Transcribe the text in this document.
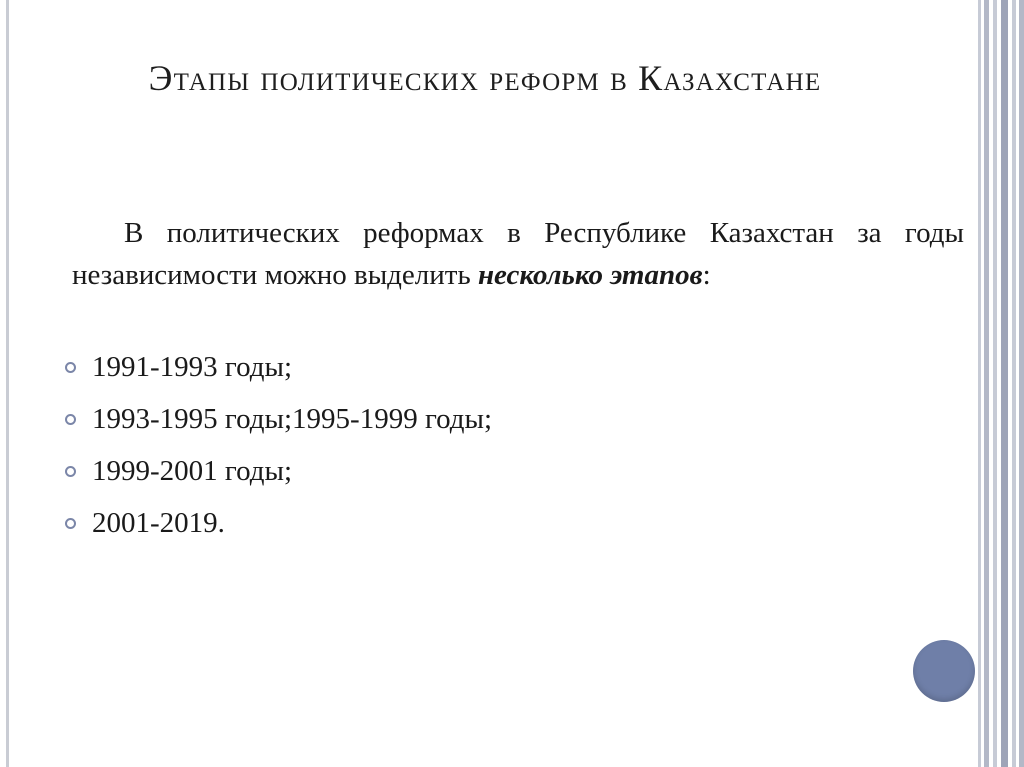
Этапы политических реформ в Казахстане

В политических реформах в Республике Казахстан за годы независимости можно выделить несколько этапов:

1991-1993 годы;
1993-1995 годы;1995-1999 годы;
1999-2001 годы;
2001-2019.
